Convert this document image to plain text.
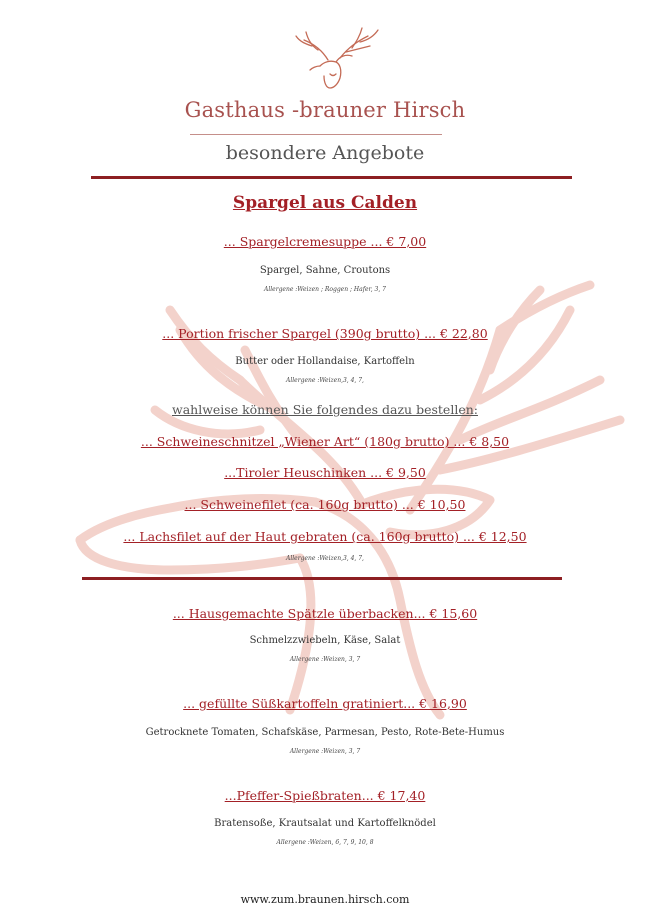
Gasthaus -brauner Hirsch
besondere Angebote
Spargel aus Calden
... Spargelcremesuppe ... € 7,00
Spargel, Sahne, Croutons
Allergene :Weizen ; Roggen ; Hafer, 3, 7
... Portion frischer Spargel (390g brutto) ... € 22,80
Butter oder Hollandaise, Kartoffeln
Allergene :Weizen,3, 4, 7,
wahlweise können Sie folgendes dazu bestellen:
... Schweineschnitzel „Wiener Art“ (180g brutto) ... € 8,50
...Tiroler Heuschinken ... € 9,50
... Schweinefilet (ca. 160g brutto) ... € 10,50
... Lachsfilet auf der Haut gebraten (ca. 160g brutto) ... € 12,50
Allergene :Weizen,3, 4, 7,
... Hausgemachte Spätzle überbacken... € 15,60
Schmelzzwiebeln, Käse, Salat
Allergene :Weizen, 3, 7
... gefüllte Süßkartoffeln gratiniert... € 16,90
Getrocknete Tomaten, Schafskäse, Parmesan, Pesto, Rote-Bete-Humus
Allergene :Weizen, 3, 7
...Pfeffer-Spießbraten... € 17,40
Bratensoße, Krautsalat und Kartoffelknödel
Allergene :Weizen, 6, 7, 9, 10, 8
www.zum.braunen.hirsch.com
